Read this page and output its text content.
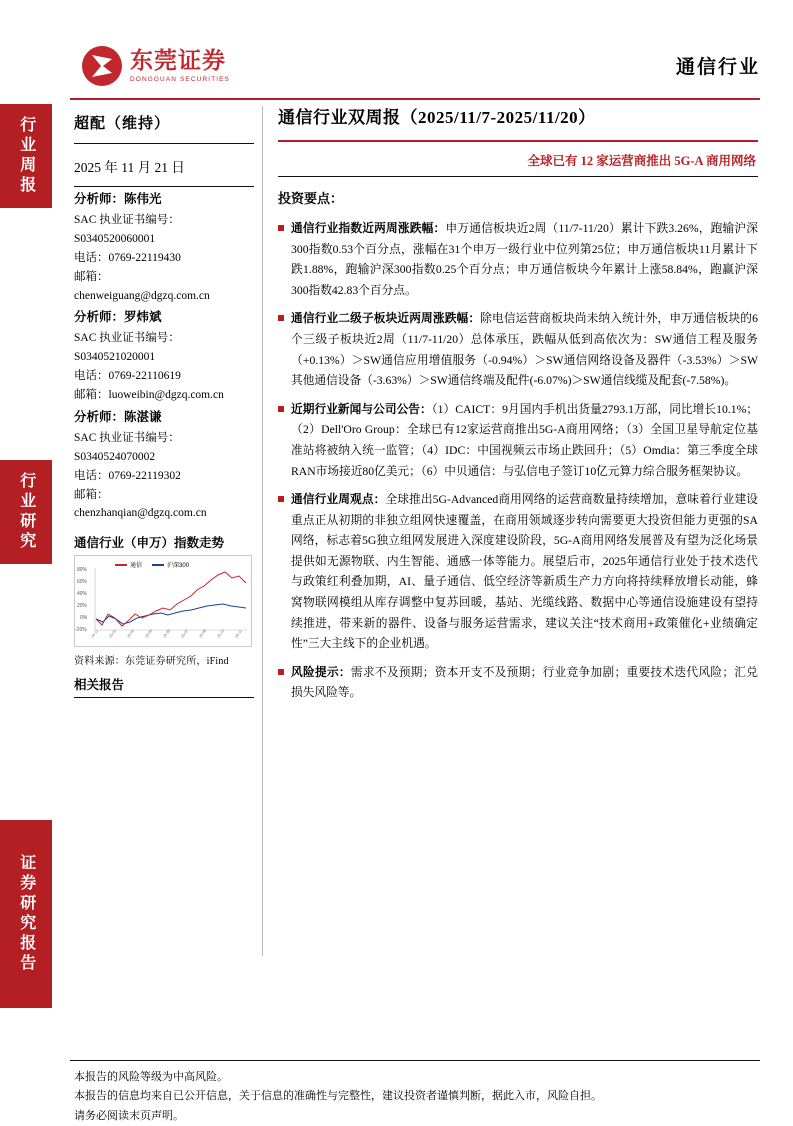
行业周报
行业研究
证券研究报告
东莞证券
DONGGUAN SECURITIES
通信行业
超配（维持）
2025 年 11 月 21 日
分析师：陈伟光
SAC 执业证书编号：
S0340520060001
电话：0769-22119430
邮箱：
chenweiguang@dgzq.com.cn
分析师：罗炜斌
SAC 执业证书编号：
S0340521020001
电话：0769-22110619
邮箱：luoweibin@dgzq.com.cn
分析师：陈湛谦
SAC 执业证书编号：
S0340524070002
电话：0769-22119302
邮箱：
chenzhanqian@dgzq.com.cn
通信行业（申万）指数走势
通信	沪深300
80%
60%
40%
20%
0%
-20% 24-11	25-01	25-02	25-04	25-05	25-07	25-08	25-10	25-11
资料来源：东莞证券研究所，iFind
相关报告
通信行业双周报（2025/11/7-2025/11/20）
全球已有 12 家运营商推出 5G-A 商用网络
投资要点：
通信行业指数近两周涨跌幅：申万通信板块近2周（11/7-11/20）累计下跌3.26%，跑输沪深300指数0.53个百分点，涨幅在31个申万一级行业中位列第25位；申万通信板块11月累计下跌1.88%，跑输沪深300指数0.25个百分点；申万通信板块今年累计上涨58.84%，跑赢沪深300指数42.83个百分点。
通信行业二级子板块近两周涨跌幅：除电信运营商板块尚未纳入统计外，申万通信板块的6个三级子板块近2周（11/7-11/20）总体承压，跌幅从低到高依次为：SW通信工程及服务（+0.13%）＞SW通信应用增值服务（-0.94%）＞SW通信网络设备及器件（-3.53%）＞SW其他通信设备（-3.63%）＞SW通信终端及配件(-6.07%)＞SW通信线缆及配套(-7.58%)。
近期行业新闻与公司公告：（1）CAICT：9月国内手机出货量2793.1万部，同比增长10.1%；（2）Dell'Oro Group：全球已有12家运营商推出5G-A商用网络；（3）全国卫星导航定位基准站将被纳入统一监管；（4）IDC：中国视频云市场止跌回升；（5）Omdia：第三季度全球RAN市场接近80亿美元；（6）中贝通信：与弘信电子签订10亿元算力综合服务框架协议。
通信行业周观点：全球推出5G-Advanced商用网络的运营商数量持续增加，意味着行业建设重点正从初期的非独立组网快速覆盖，在商用领域逐步转向需要更大投资但能力更强的SA网络，标志着5G独立组网发展进入深度建设阶段，5G-A商用网络发展普及有望为泛化场景提供如无源物联、内生智能、通感一体等能力。展望后市，2025年通信行业处于技术迭代与政策红利叠加期，AI、量子通信、低空经济等新质生产力方向将持续释放增长动能，蜂窝物联网模组从库存调整中复苏回暖，基站、光缆线路、数据中心等通信设施建设有望持续推进，带来新的器件、设备与服务运营需求，建议关注“技术商用+政策催化+业绩确定性”三大主线下的企业机遇。
风险提示：需求不及预期；资本开支不及预期；行业竞争加剧；重要技术迭代风险；汇兑损失风险等。
本报告的风险等级为中高风险。
本报告的信息均来自已公开信息，关于信息的准确性与完整性，建议投资者谨慎判断，据此入市，风险自担。
请务必阅读末页声明。
